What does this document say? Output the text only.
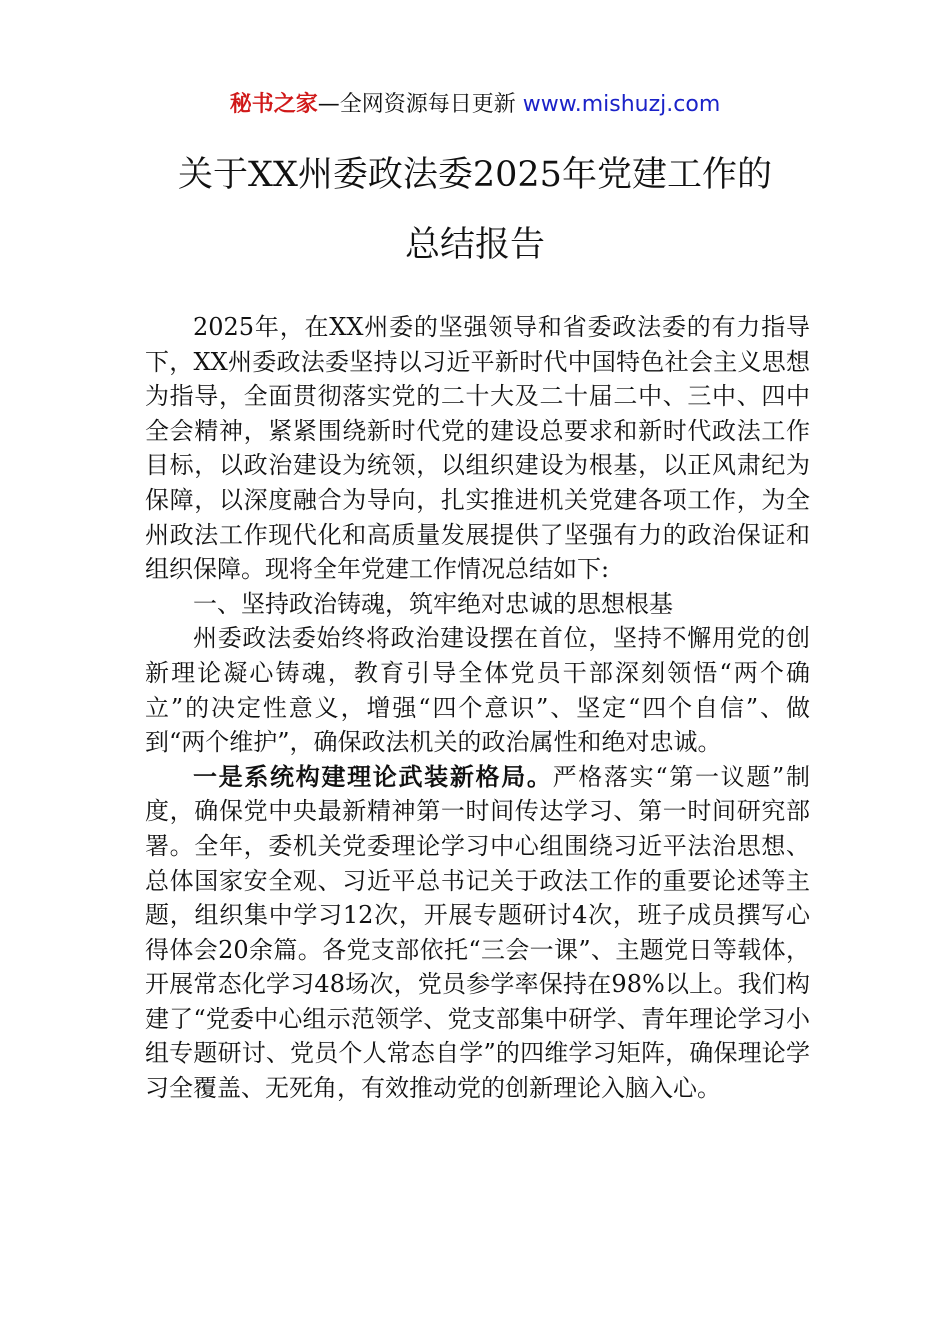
秘书之家—全网资源每日更新 www.mishuzj.com
关于XX州委政法委2025年党建工作的
总结报告

2025年，在XX州委的坚强领导和省委政法委的有力指导下，XX州委政法委坚持以习近平新时代中国特色社会主义思想为指导，全面贯彻落实党的二十大及二十届二中、三中、四中全会精神，紧紧围绕新时代党的建设总要求和新时代政法工作目标，以政治建设为统领，以组织建设为根基，以正风肃纪为保障，以深度融合为导向，扎实推进机关党建各项工作，为全州政法工作现代化和高质量发展提供了坚强有力的政治保证和组织保障。现将全年党建工作情况总结如下:

一、坚持政治铸魂，筑牢绝对忠诚的思想根基

州委政法委始终将政治建设摆在首位，坚持不懈用党的创新理论凝心铸魂，教育引导全体党员干部深刻领悟“两个确立”的决定性意义，增强“四个意识”、坚定“四个自信”、做到“两个维护”，确保政法机关的政治属性和绝对忠诚。

一是系统构建理论武装新格局。严格落实“第一议题”制度，确保党中央最新精神第一时间传达学习、第一时间研究部署。全年，委机关党委理论学习中心组围绕习近平法治思想、总体国家安全观、习近平总书记关于政法工作的重要论述等主题，组织集中学习12次，开展专题研讨4次，班子成员撰写心得体会20余篇。各党支部依托“三会一课”、主题党日等载体，开展常态化学习48场次，党员参学率保持在98%以上。我们构建了“党委中心组示范领学、党支部集中研学、青年理论学习小组专题研讨、党员个人常态自学”的四维学习矩阵，确保理论学习全覆盖、无死角，有效推动党的创新理论入脑入心。
